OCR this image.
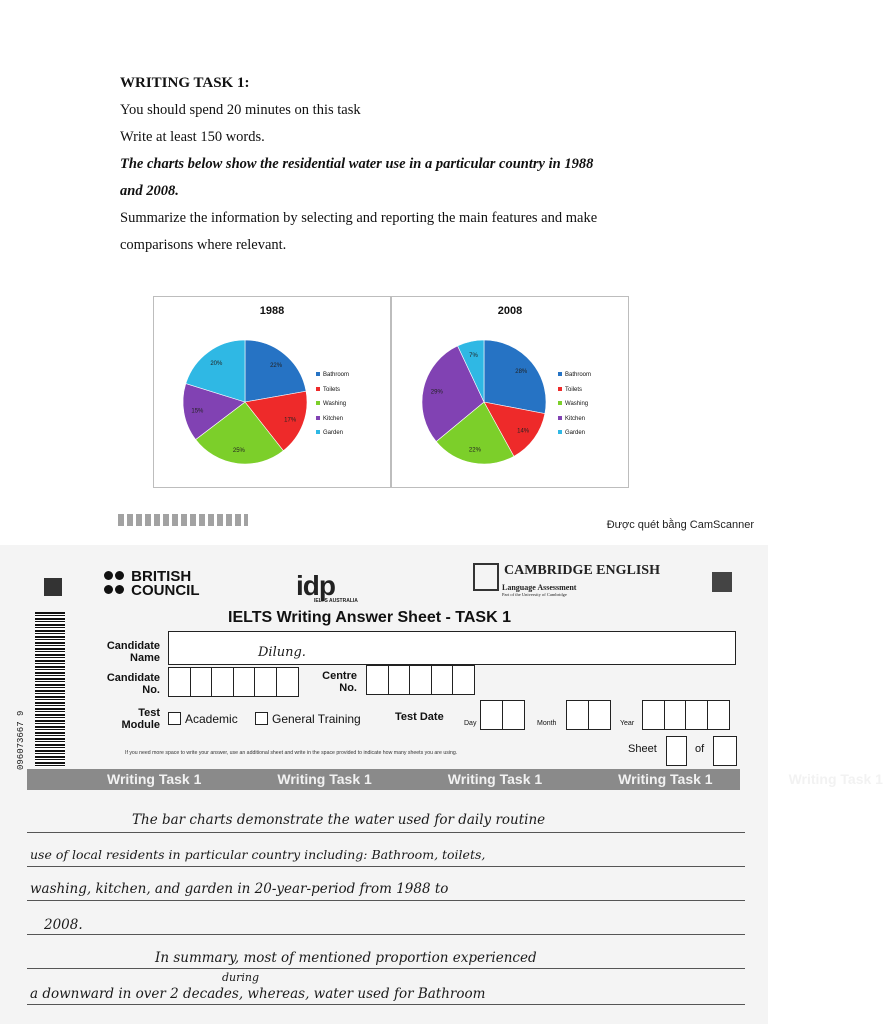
WRITING TASK 1:
You should spend 20 minutes on this task
Write at least 150 words.
The charts below show the residential water use in a particular country in 1988
and 2008.
Summarize the information by selecting and reporting the main features and make
comparisons where relevant.
1988
22%
17%
25%
15%
20%
Bathroom
Toilets
Washing
Kitchen
Garden
2008
28%
14%
22%
29%
7%
Bathroom
Toilets
Washing
Kitchen
Garden
Được quét bằng CamScanner

BRITISH
COUNCIL	idp
IELTS AUSTRALIA
CAMBRIDGE ENGLISH
Language Assessment
Part of the University of Cambridge
IELTS Writing Answer Sheet - TASK 1
096073667 9
Candidate
Name	Dilung.
Candidate
No.
Centre
No.
Test
Module	Academic	General Training	Test Date
Day	Month	Year
If you need more space to write your answer, use an additional sheet and write in the space provided to indicate how many sheets you are using.	Sheet	of
Writing Task 1	Writing Task 1	Writing Task 1	Writing Task 1	Writing Task 1
The bar charts demonstrate the water used for daily routine
use of local residents in particular country including: Bathroom, toilets,
washing, kitchen, and garden in 20-year-period from 1988 to
2008.
In summary, most of mentioned proportion experienced
during
a downward in over 2 decades, whereas, water used for Bathroom
